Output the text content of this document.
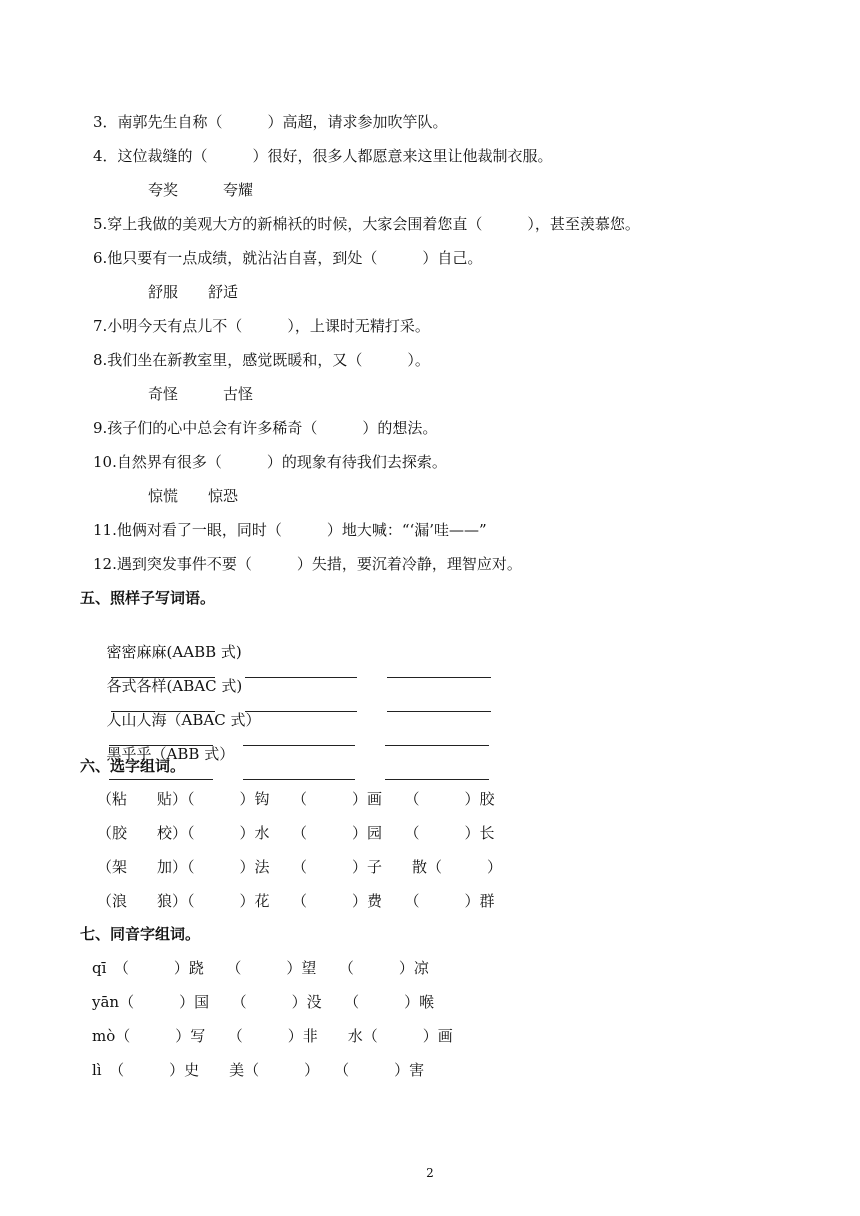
3．南郭先生自称（　　　）高超，请求参加吹竽队。
4．这位裁缝的（　　　）很好，很多人都愿意来这里让他裁制衣服。
夸奖　　　夸耀
5.穿上我做的美观大方的新棉袄的时候，大家会围着您直（　　　），甚至羡慕您。
6.他只要有一点成绩，就沾沾自喜，到处（　　　）自己。
舒服　　舒适
7.小明今天有点儿不（　　　），上课时无精打采。
8.我们坐在新教室里，感觉既暖和，又（　　　）。
奇怪　　　古怪
9.孩子们的心中总会有许多稀奇（　　　）的想法。
10.自然界有很多（　　　）的现象有待我们去探索。
惊慌　　惊恐
11.他俩对看了一眼，同时（　　　）地大喊：“‘漏’哇——”
12.遇到突发事件不要（　　　）失措，要沉着冷静，理智应对。
五、照样子写词语。

密密麻麻(AABB 式)

各式各样(ABAC 式)

人山人海（ABAC 式）

黑乎乎（ABB 式）

六、选字组词。
（粘　　贴）（　　　）钩　　（　　　）画　　（　　　）胶
（胶　　校）（　　　）水　　（　　　）园　　（　　　）长
（架　　加）（　　　）法　　（　　　）子　　散（　　　）
（浪　　狼）（　　　）花　　（　　　）费　　（　　　）群
七、同音字组词。
qī　（　　　）跷　　（　　　）望　　（　　　）凉
yān（　　　）国　　（　　　）没　　（　　　）喉
mò（　　　）写　　（　　　）非　　水（　　　）画
lì　（　　　）史　　美（　　　）　　（　　　）害
2
